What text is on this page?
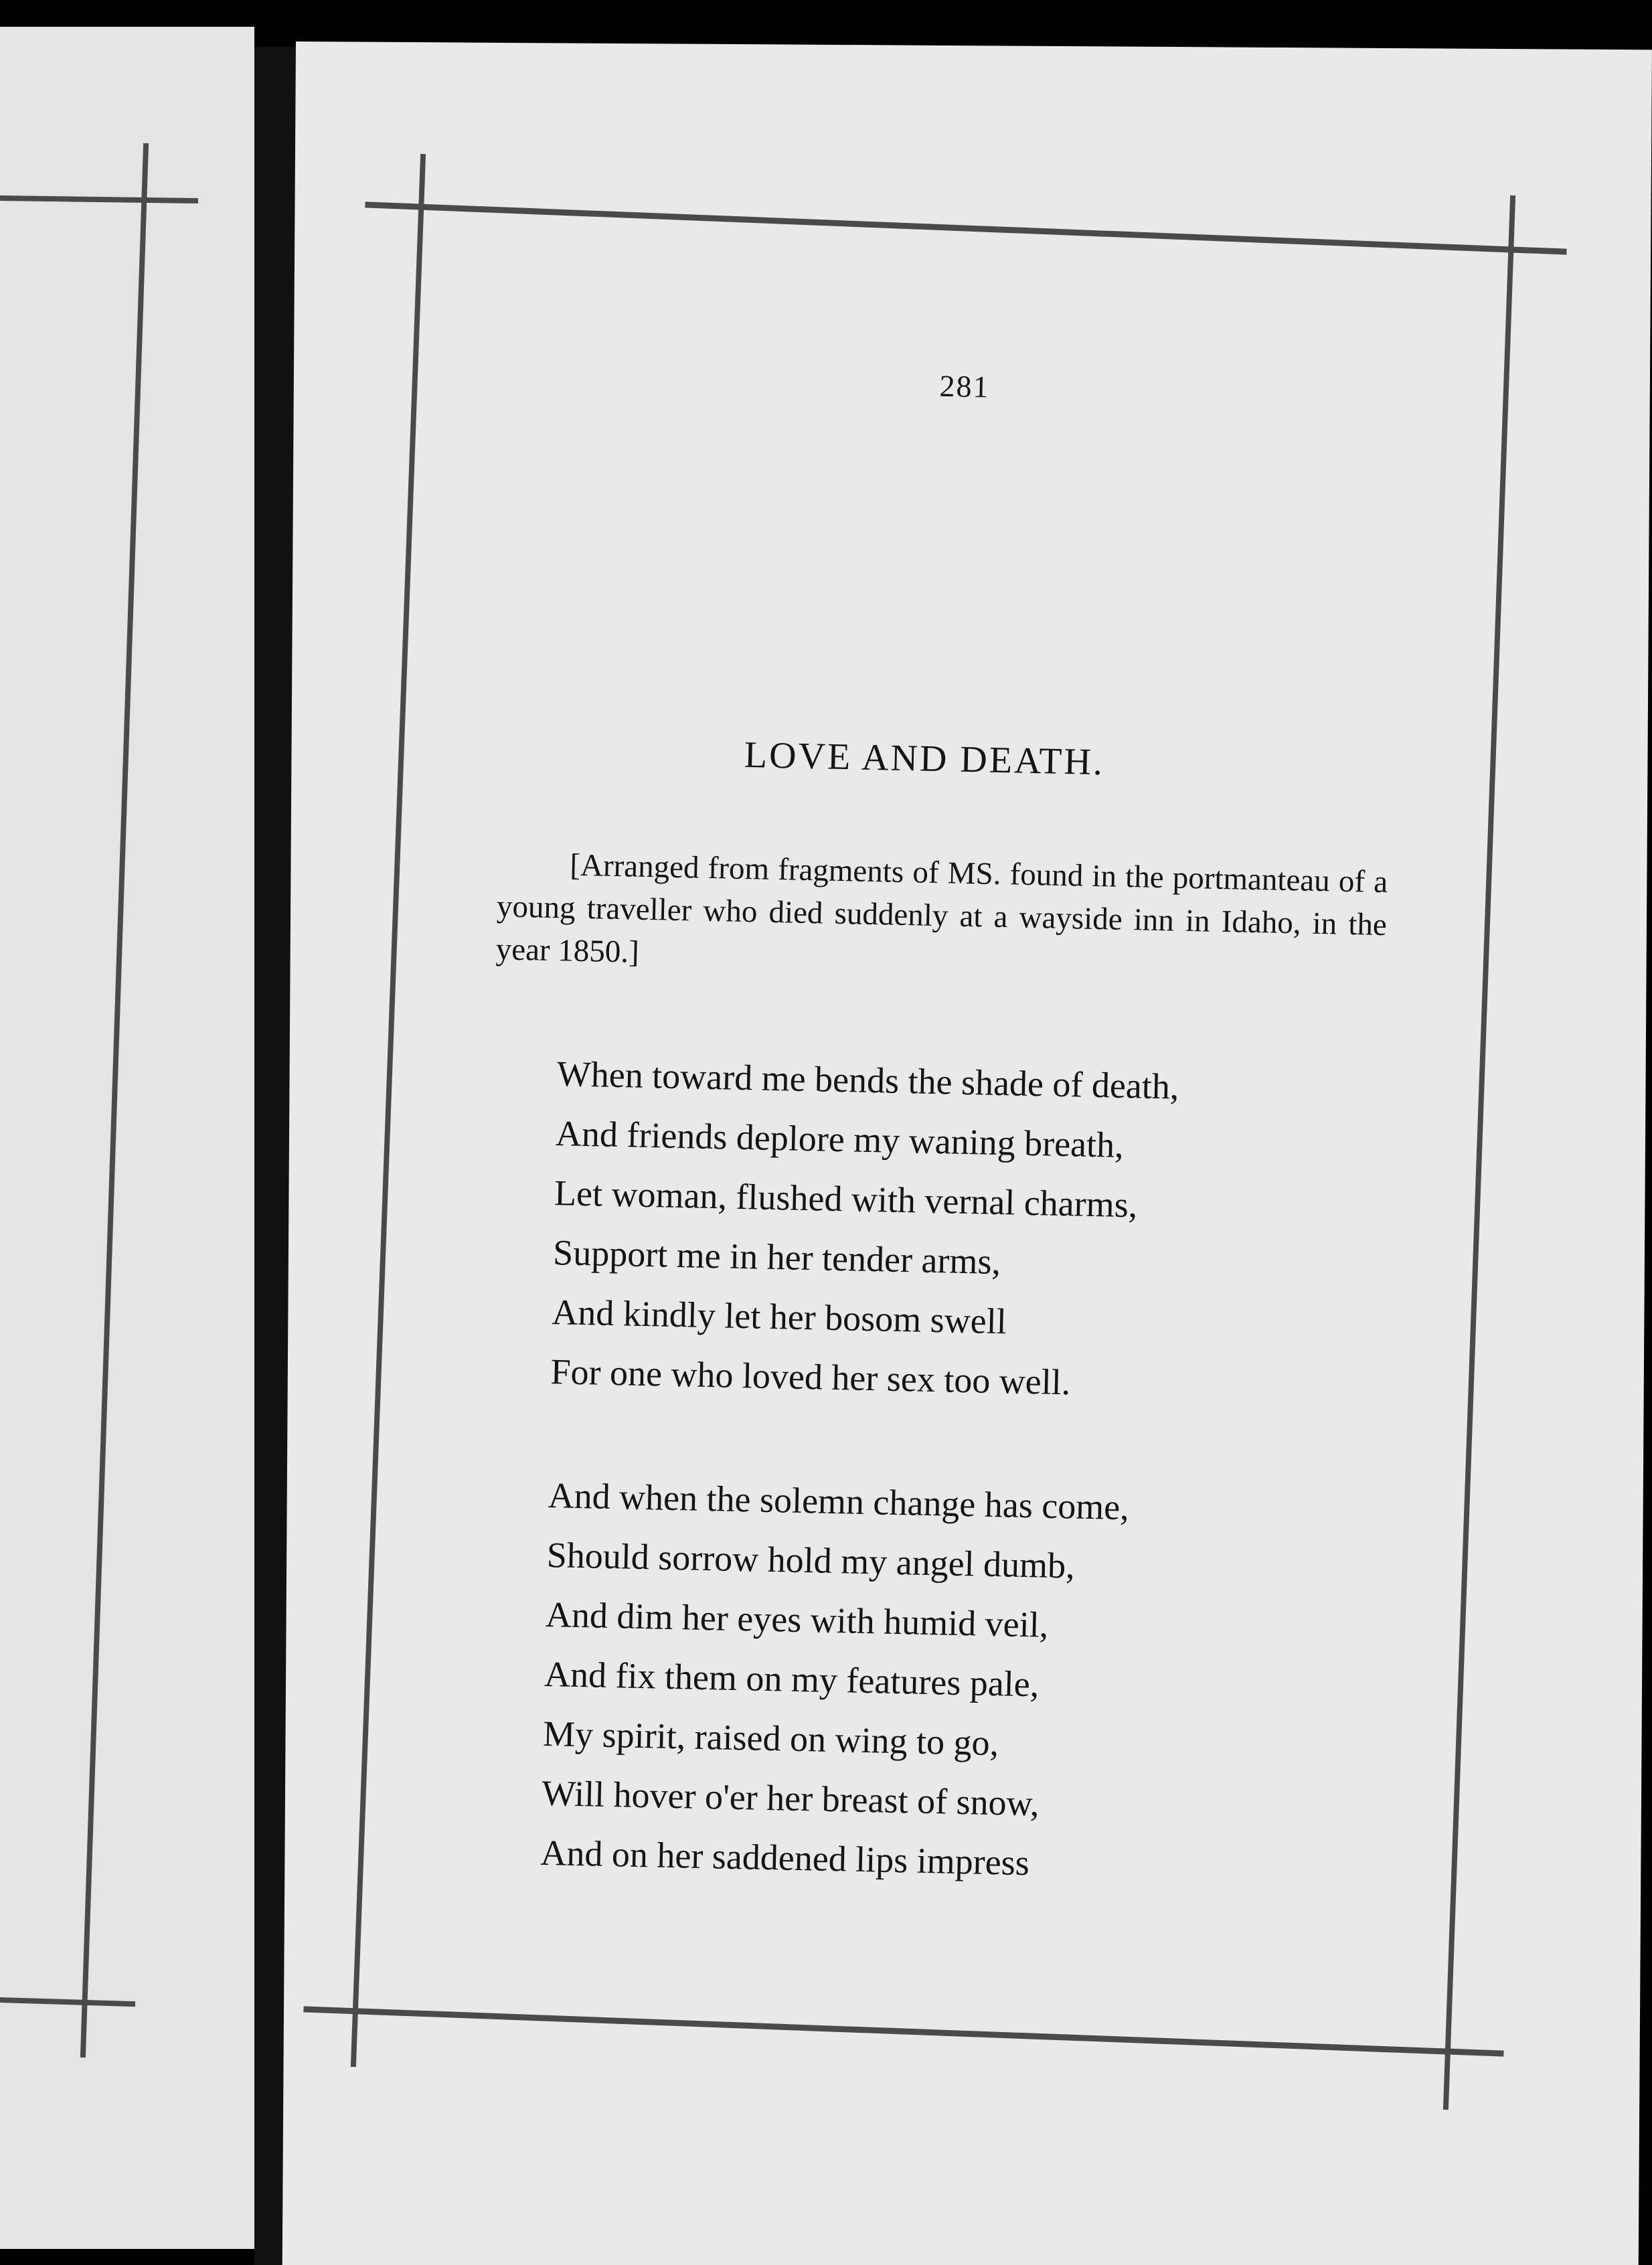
281
LOVE AND DEATH.
[Arranged from fragments of MS. found in the portmanteau of a young traveller who died suddenly at a wayside inn in Idaho, in the year 1850.]
When toward me bends the shade of death,
And friends deplore my waning breath,
Let woman, flushed with vernal charms,
Support me in her tender arms,
And kindly let her bosom swell
For one who loved her sex too well.
And when the solemn change has come,
Should sorrow hold my angel dumb,
And dim her eyes with humid veil,
And fix them on my features pale,
My spirit, raised on wing to go,
Will hover o'er her breast of snow,
And on her saddened lips impress
